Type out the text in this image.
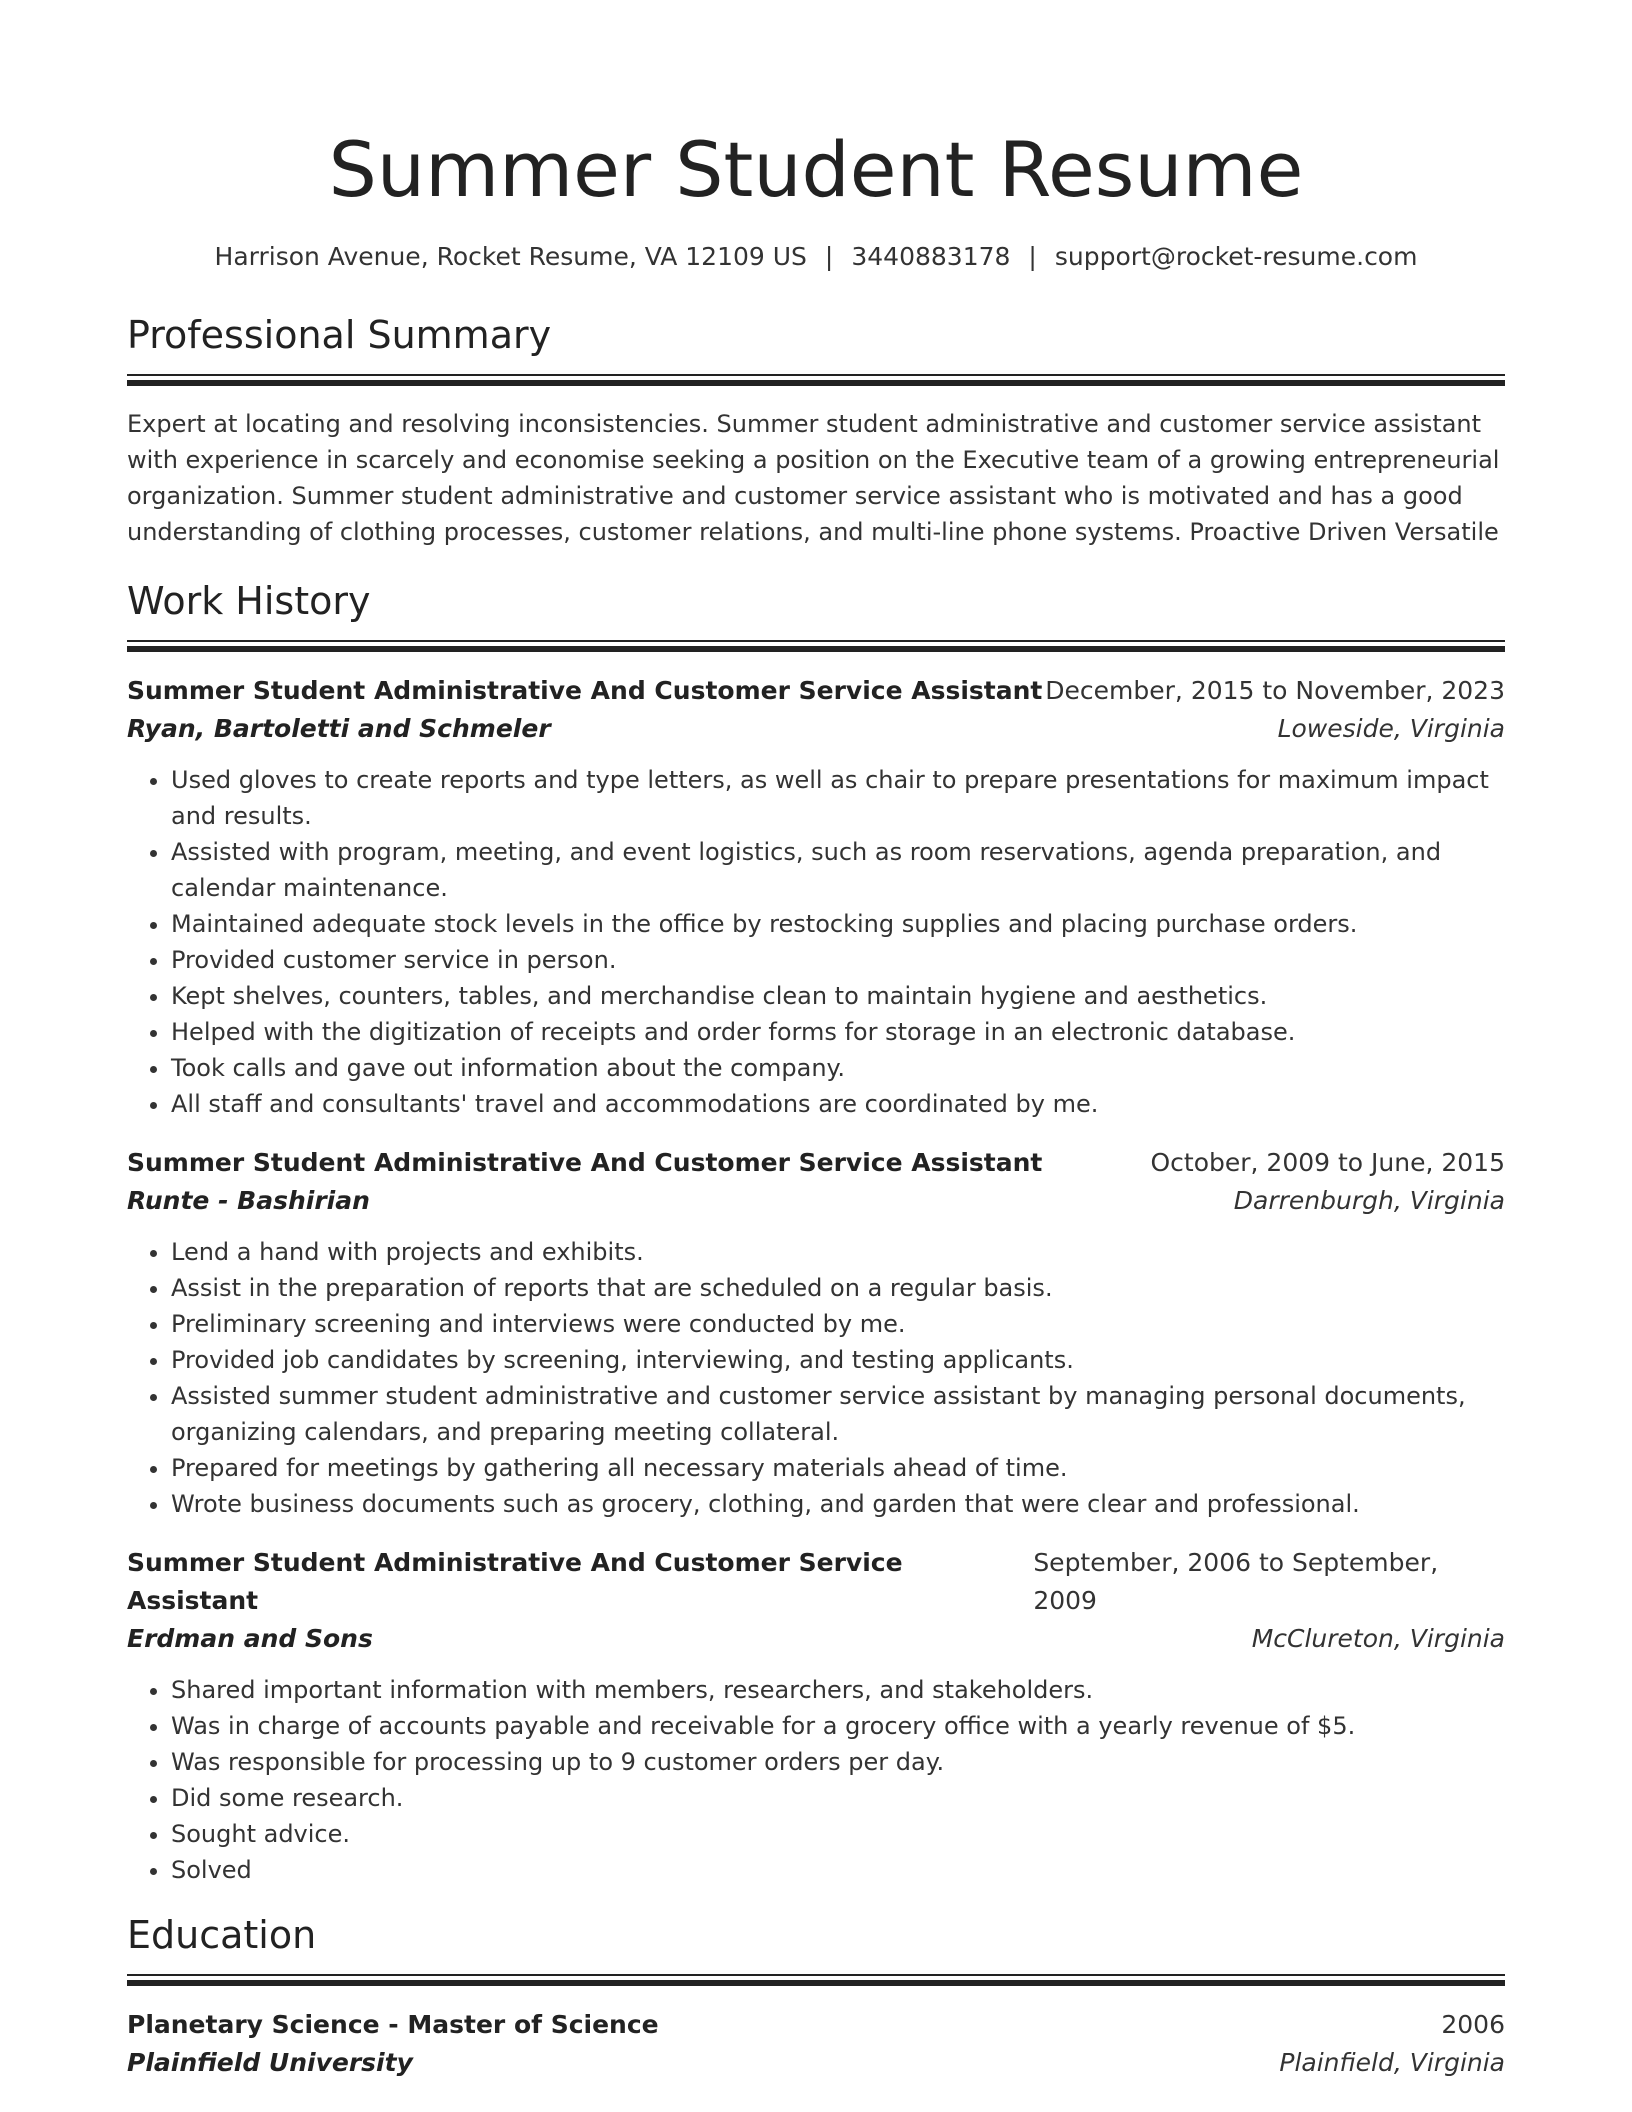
Summer Student Resume
Harrison Avenue, Rocket Resume, VA 12109 US | 3440883178 | support@rocket-resume.com
Professional Summary

Expert at locating and resolving inconsistencies. Summer student administrative and customer service assistant with experience in scarcely and economise seeking a position on the Executive team of a growing entrepreneurial organization. Summer student administrative and customer service assistant who is motivated and has a good understanding of clothing processes, customer relations, and multi-line phone systems. Proactive Driven Versatile

Work History
Summer Student Administrative And Customer Service Assistant December, 2015 to November, 2023
Ryan, Bartoletti and Schmeler	Loweside, Virginia
• Used gloves to create reports and type letters, as well as chair to prepare presentations for maximum impact and results.
• Assisted with program, meeting, and event logistics, such as room reservations, agenda preparation, and calendar maintenance.
• Maintained adequate stock levels in the office by restocking supplies and placing purchase orders.
• Provided customer service in person.
• Kept shelves, counters, tables, and merchandise clean to maintain hygiene and aesthetics.
• Helped with the digitization of receipts and order forms for storage in an electronic database.
• Took calls and gave out information about the company.
• All staff and consultants' travel and accommodations are coordinated by me.
Summer Student Administrative And Customer Service Assistant	October, 2009 to June, 2015
Runte - Bashirian	Darrenburgh, Virginia
• Lend a hand with projects and exhibits.
• Assist in the preparation of reports that are scheduled on a regular basis.
• Preliminary screening and interviews were conducted by me.
• Provided job candidates by screening, interviewing, and testing applicants.
• Assisted summer student administrative and customer service assistant by managing personal documents, organizing calendars, and preparing meeting collateral.
• Prepared for meetings by gathering all necessary materials ahead of time.
• Wrote business documents such as grocery, clothing, and garden that were clear and professional.
Summer Student Administrative And Customer Service Assistant
September, 2006 to September, 2009
Erdman and Sons	McClureton, Virginia
• Shared important information with members, researchers, and stakeholders.
• Was in charge of accounts payable and receivable for a grocery office with a yearly revenue of $5.
• Was responsible for processing up to 9 customer orders per day.
• Did some research.
• Sought advice.
• Solved
Education
Planetary Science - Master of Science	2006
Plainfield University	Plainfield, Virginia
